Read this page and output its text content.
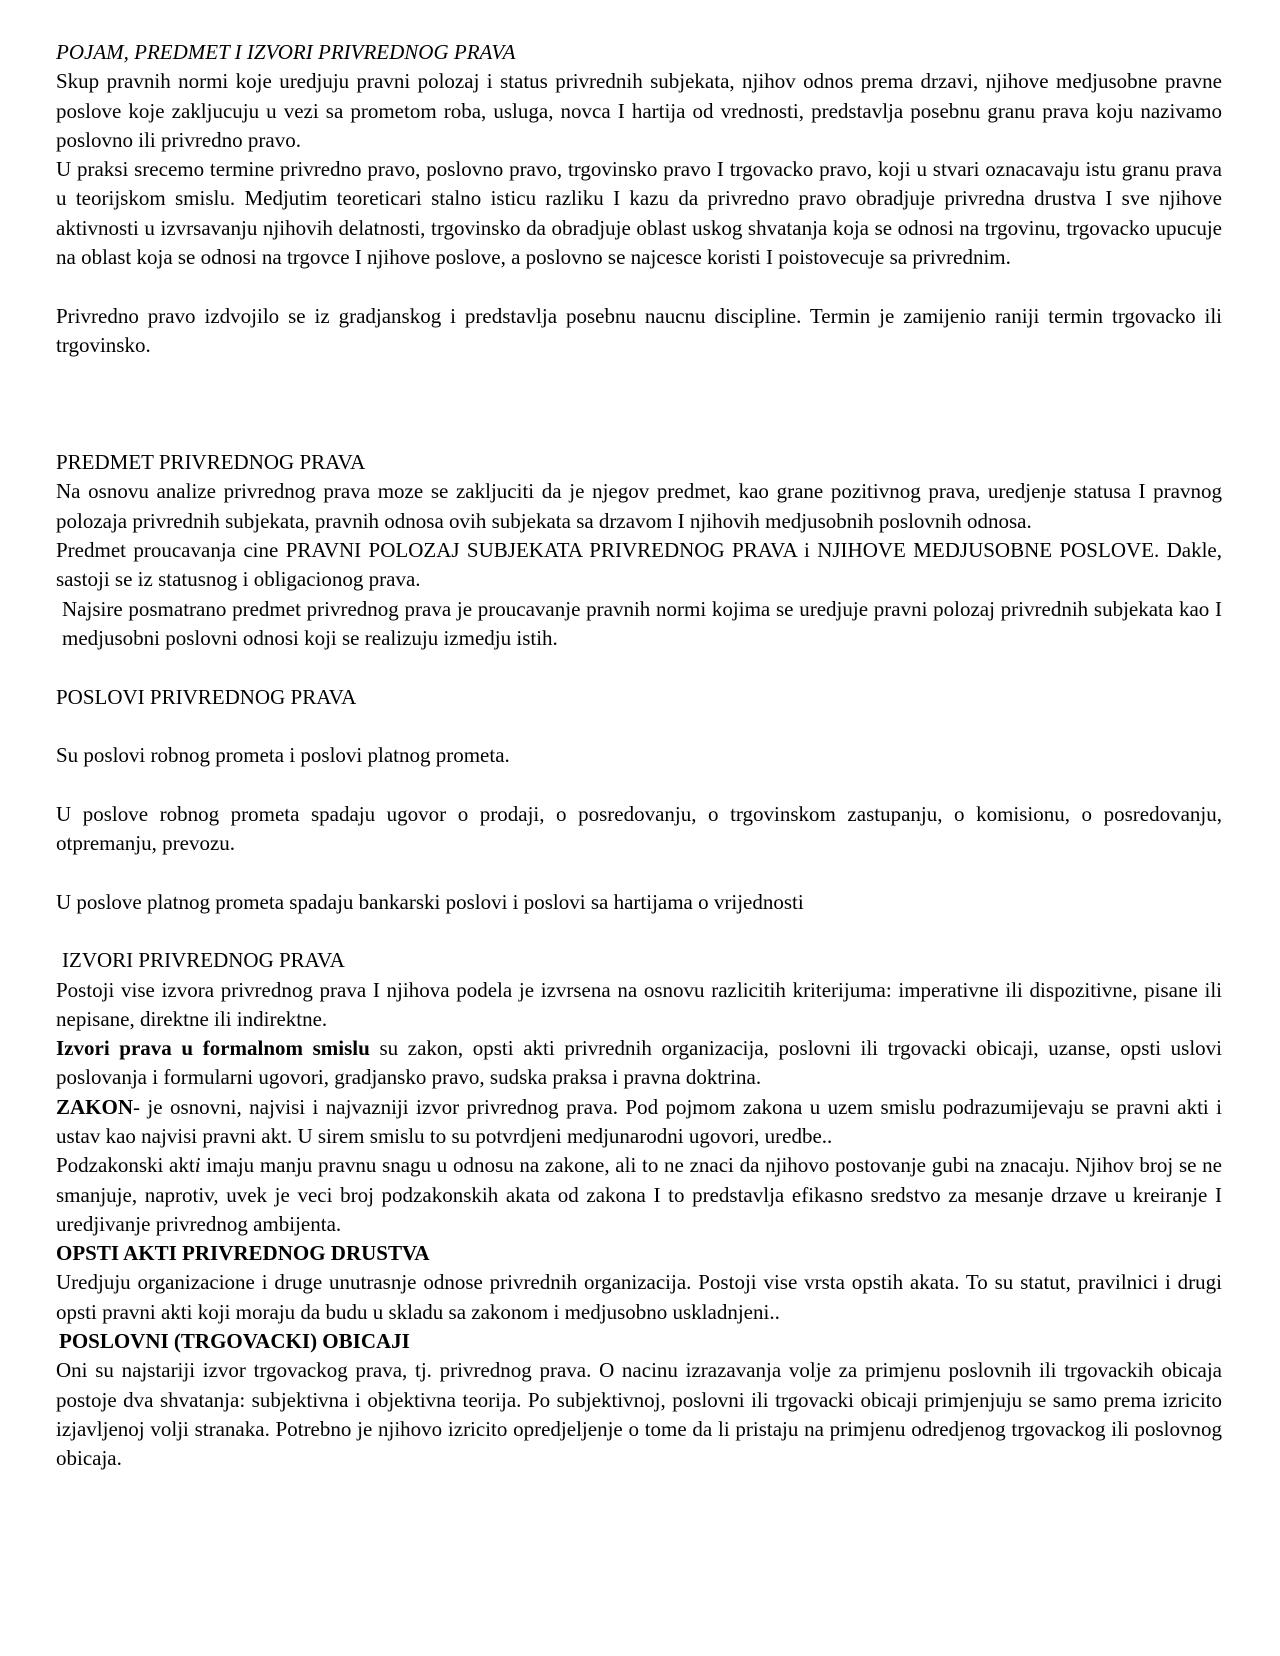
POJAM, PREDMET I IZVORI PRIVREDNOG PRAVA

Skup pravnih normi koje uredjuju pravni polozaj i status privrednih subjekata, njihov odnos prema drzavi, njihove medjusobne pravne poslove koje zakljucuju u vezi sa prometom roba, usluga, novca I hartija od vrednosti, predstavlja posebnu granu prava koju nazivamo poslovno ili privredno pravo.

U praksi srecemo termine privredno pravo, poslovno pravo, trgovinsko pravo I trgovacko pravo, koji u stvari oznacavaju istu granu prava u teorijskom smislu. Medjutim teoreticari stalno isticu razliku I kazu da privredno pravo obradjuje privredna drustva I sve njihove aktivnosti u izvrsavanju njihovih delatnosti, trgovinsko da obradjuje oblast uskog shvatanja koja se odnosi na trgovinu, trgovacko upucuje na oblast koja se odnosi na trgovce I njihove poslove, a poslovno se najcesce koristi I poistovecuje sa privrednim.

Privredno pravo izdvojilo se iz gradjanskog i predstavlja posebnu naucnu discipline. Termin je zamijenio raniji termin trgovacko ili trgovinsko.

PREDMET PRIVREDNOG PRAVA

Na osnovu analize privrednog prava moze se zakljuciti da je njegov predmet, kao grane pozitivnog prava, uredjenje statusa I pravnog polozaja privrednih subjekata, pravnih odnosa ovih subjekata sa drzavom I njihovih medjusobnih poslovnih odnosa.

Predmet proucavanja cine PRAVNI POLOZAJ SUBJEKATA PRIVREDNOG PRAVA i NJIHOVE MEDJUSOBNE POSLOVE. Dakle, sastoji se iz statusnog i obligacionog prava.

Najsire posmatrano predmet privrednog prava je proucavanje pravnih normi kojima se uredjuje pravni polozaj privrednih subjekata kao I medjusobni poslovni odnosi koji se realizuju izmedju istih.

POSLOVI PRIVREDNOG PRAVA

Su poslovi robnog prometa i poslovi platnog prometa.

U poslove robnog prometa spadaju ugovor o prodaji, o posredovanju, o trgovinskom zastupanju, o komisionu, o posredovanju, otpremanju, prevozu.

U poslove platnog prometa spadaju bankarski poslovi i poslovi sa hartijama o vrijednosti

IZVORI PRIVREDNOG PRAVA

Postoji vise izvora privrednog prava I njihova podela je izvrsena na osnovu razlicitih kriterijuma: imperativne ili dispozitivne, pisane ili nepisane, direktne ili indirektne.

Izvori prava u formalnom smislu su zakon, opsti akti privrednih organizacija, poslovni ili trgovacki obicaji, uzanse, opsti uslovi poslovanja i formularni ugovori, gradjansko pravo, sudska praksa i pravna doktrina.

ZAKON- je osnovni, najvisi i najvazniji izvor privrednog prava. Pod pojmom zakona u uzem smislu podrazumijevaju se pravni akti i ustav kao najvisi pravni akt. U sirem smislu to su potvrdjeni medjunarodni ugovori, uredbe..

Podzakonski akti imaju manju pravnu snagu u odnosu na zakone, ali to ne znaci da njihovo postovanje gubi na znacaju. Njihov broj se ne smanjuje, naprotiv, uvek je veci broj podzakonskih akata od zakona I to predstavlja efikasno sredstvo za mesanje drzave u kreiranje I uredjivanje privrednog ambijenta.

OPSTI AKTI PRIVREDNOG DRUSTVA

Uredjuju organizacione i druge unutrasnje odnose privrednih organizacija. Postoji vise vrsta opstih akata. To su statut, pravilnici i drugi opsti pravni akti koji moraju da budu u skladu sa zakonom i medjusobno uskladnjeni..

POSLOVNI (TRGOVACKI) OBICAJI

Oni su najstariji izvor trgovackog prava, tj. privrednog prava. O nacinu izrazavanja volje za primjenu poslovnih ili trgovackih obicaja postoje dva shvatanja: subjektivna i objektivna teorija. Po subjektivnoj, poslovni ili trgovacki obicaji primjenjuju se samo prema izricito izjavljenoj volji stranaka. Potrebno je njihovo izricito opredjeljenje o tome da li pristaju na primjenu odredjenog trgovackog ili poslovnog obicaja.
